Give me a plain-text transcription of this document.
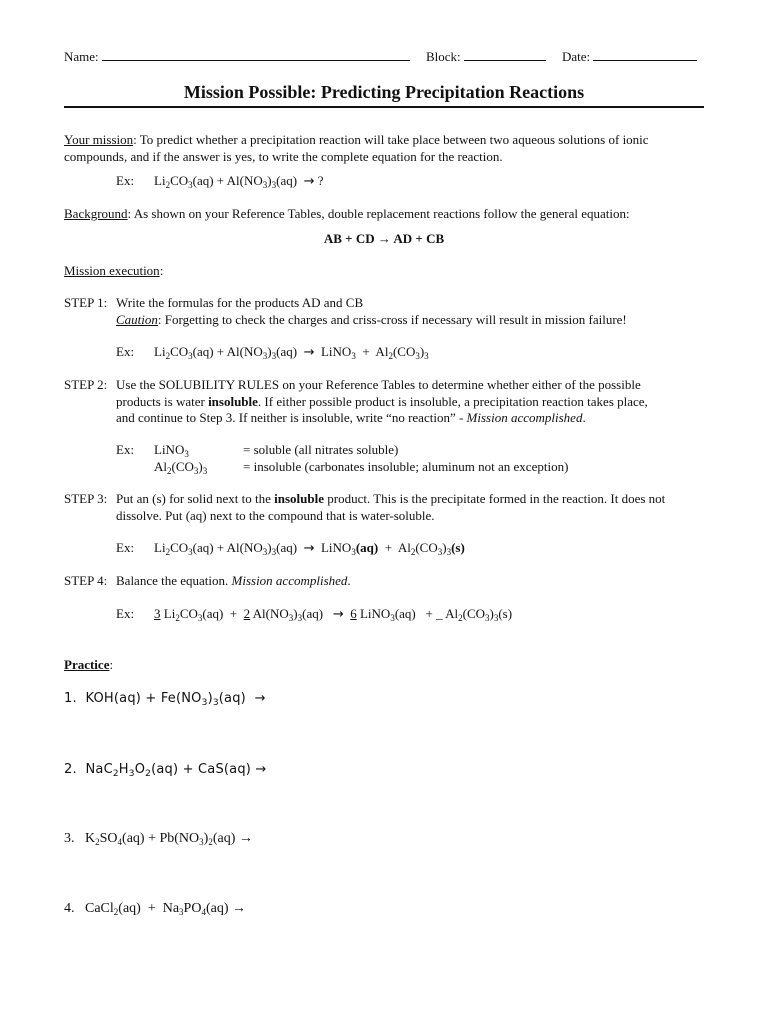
Name:	Block:	Date:
Mission Possible: Predicting Precipitation Reactions
Your mission: To predict whether a precipitation reaction will take place between two aqueous solutions of ionic
compounds, and if the answer is yes, to write the complete equation for the reaction.
Ex: $Li_2CO_3(aq) + Al(NO_3)_3(aq)$  → ?
Background: As shown on your Reference Tables, double replacement reactions follow the general equation:
AB + CD → AD + CB
Mission execution:
STEP 1: Write the formulas for the products AD and CB
Caution: Forgetting to check the charges and criss-cross if necessary will result in mission failure!
Ex: $Li_2CO_3(aq) + Al(NO_3)_3(aq)$  →  LiNO$_3$  +  $Al_2(CO_3)_3$
STEP 2: Use the SOLUBILITY RULES on your Reference Tables to determine whether either of the possible
products is water insoluble. If either possible product is insoluble, a precipitation reaction takes place,
and continue to Step 3. If neither is insoluble, write “no reaction” - Mission accomplished.
Ex: LiNO$_3$	= soluble (all nitrates soluble)
$Al_2(CO_3)_3$	= insoluble (carbonates insoluble; aluminum not an exception)
STEP 3: Put an (s) for solid next to the insoluble product. This is the precipitate formed in the reaction. It does not
dissolve. Put (aq) next to the compound that is water-soluble.
Ex: $Li_2CO_3(aq) + Al(NO_3)_3(aq)$  →  LiNO$_3$(aq)  +  $Al_2(CO_3)_3(s)$
STEP 4: Balance the equation. Mission accomplished.
Ex: 3 $Li_2CO_3(aq) + 2$ $Al(NO_3)_3(aq) \to 6$ LiNO$_3$(aq)   + _ $Al_2(CO_3)_3(s)$
Practice:
1.  $KOH(aq) + Fe(NO_3)_3(aq)$  →
2.  $NaC_2H_3O_2(aq) + CaS(aq)$ →
3.   $K_2SO_4(aq) + Pb(NO_3)_2(aq)$ →
4.   CaCl$_2$(aq)  +  $Na_3PO_4(aq)$ →
